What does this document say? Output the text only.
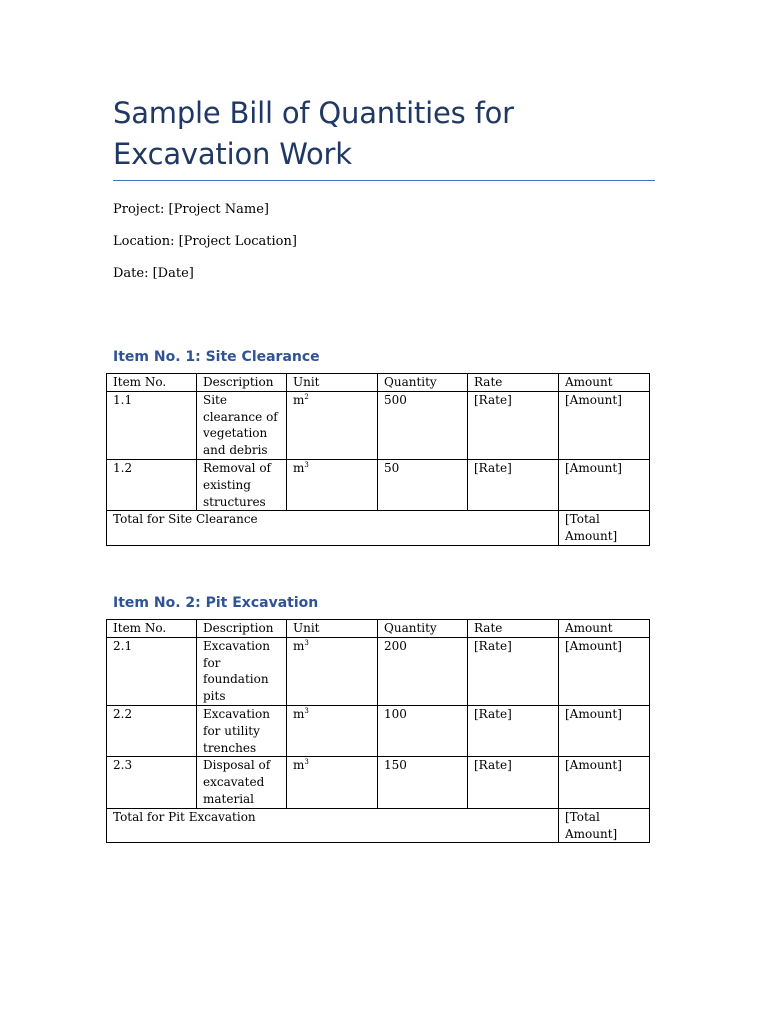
Sample Bill of Quantities for Excavation Work

Project: [Project Name]

Location: [Project Location]

Date: [Date]

Item No. 1: Site Clearance
Item No.	Description	Unit	Quantity	Rate	Amount
1.1	Site
clearance of
vegetation
and debris	$m^2$	500	[Rate]	[Amount]
1.2	Removal of
existing
structures	$m^3$	50	[Rate]	[Amount]
Total for Site Clearance					[Total
Amount]
Item No. 2: Pit Excavation
Item No.	Description	Unit	Quantity	Rate	Amount
2.1	Excavation
for
foundation
pits	$m^3$	200	[Rate]	[Amount]
2.2	Excavation
for utility
trenches	$m^3$	100	[Rate]	[Amount]
2.3	Disposal of
excavated
material	$m^3$	150	[Rate]	[Amount]
Total for Pit Excavation					[Total
Amount]
